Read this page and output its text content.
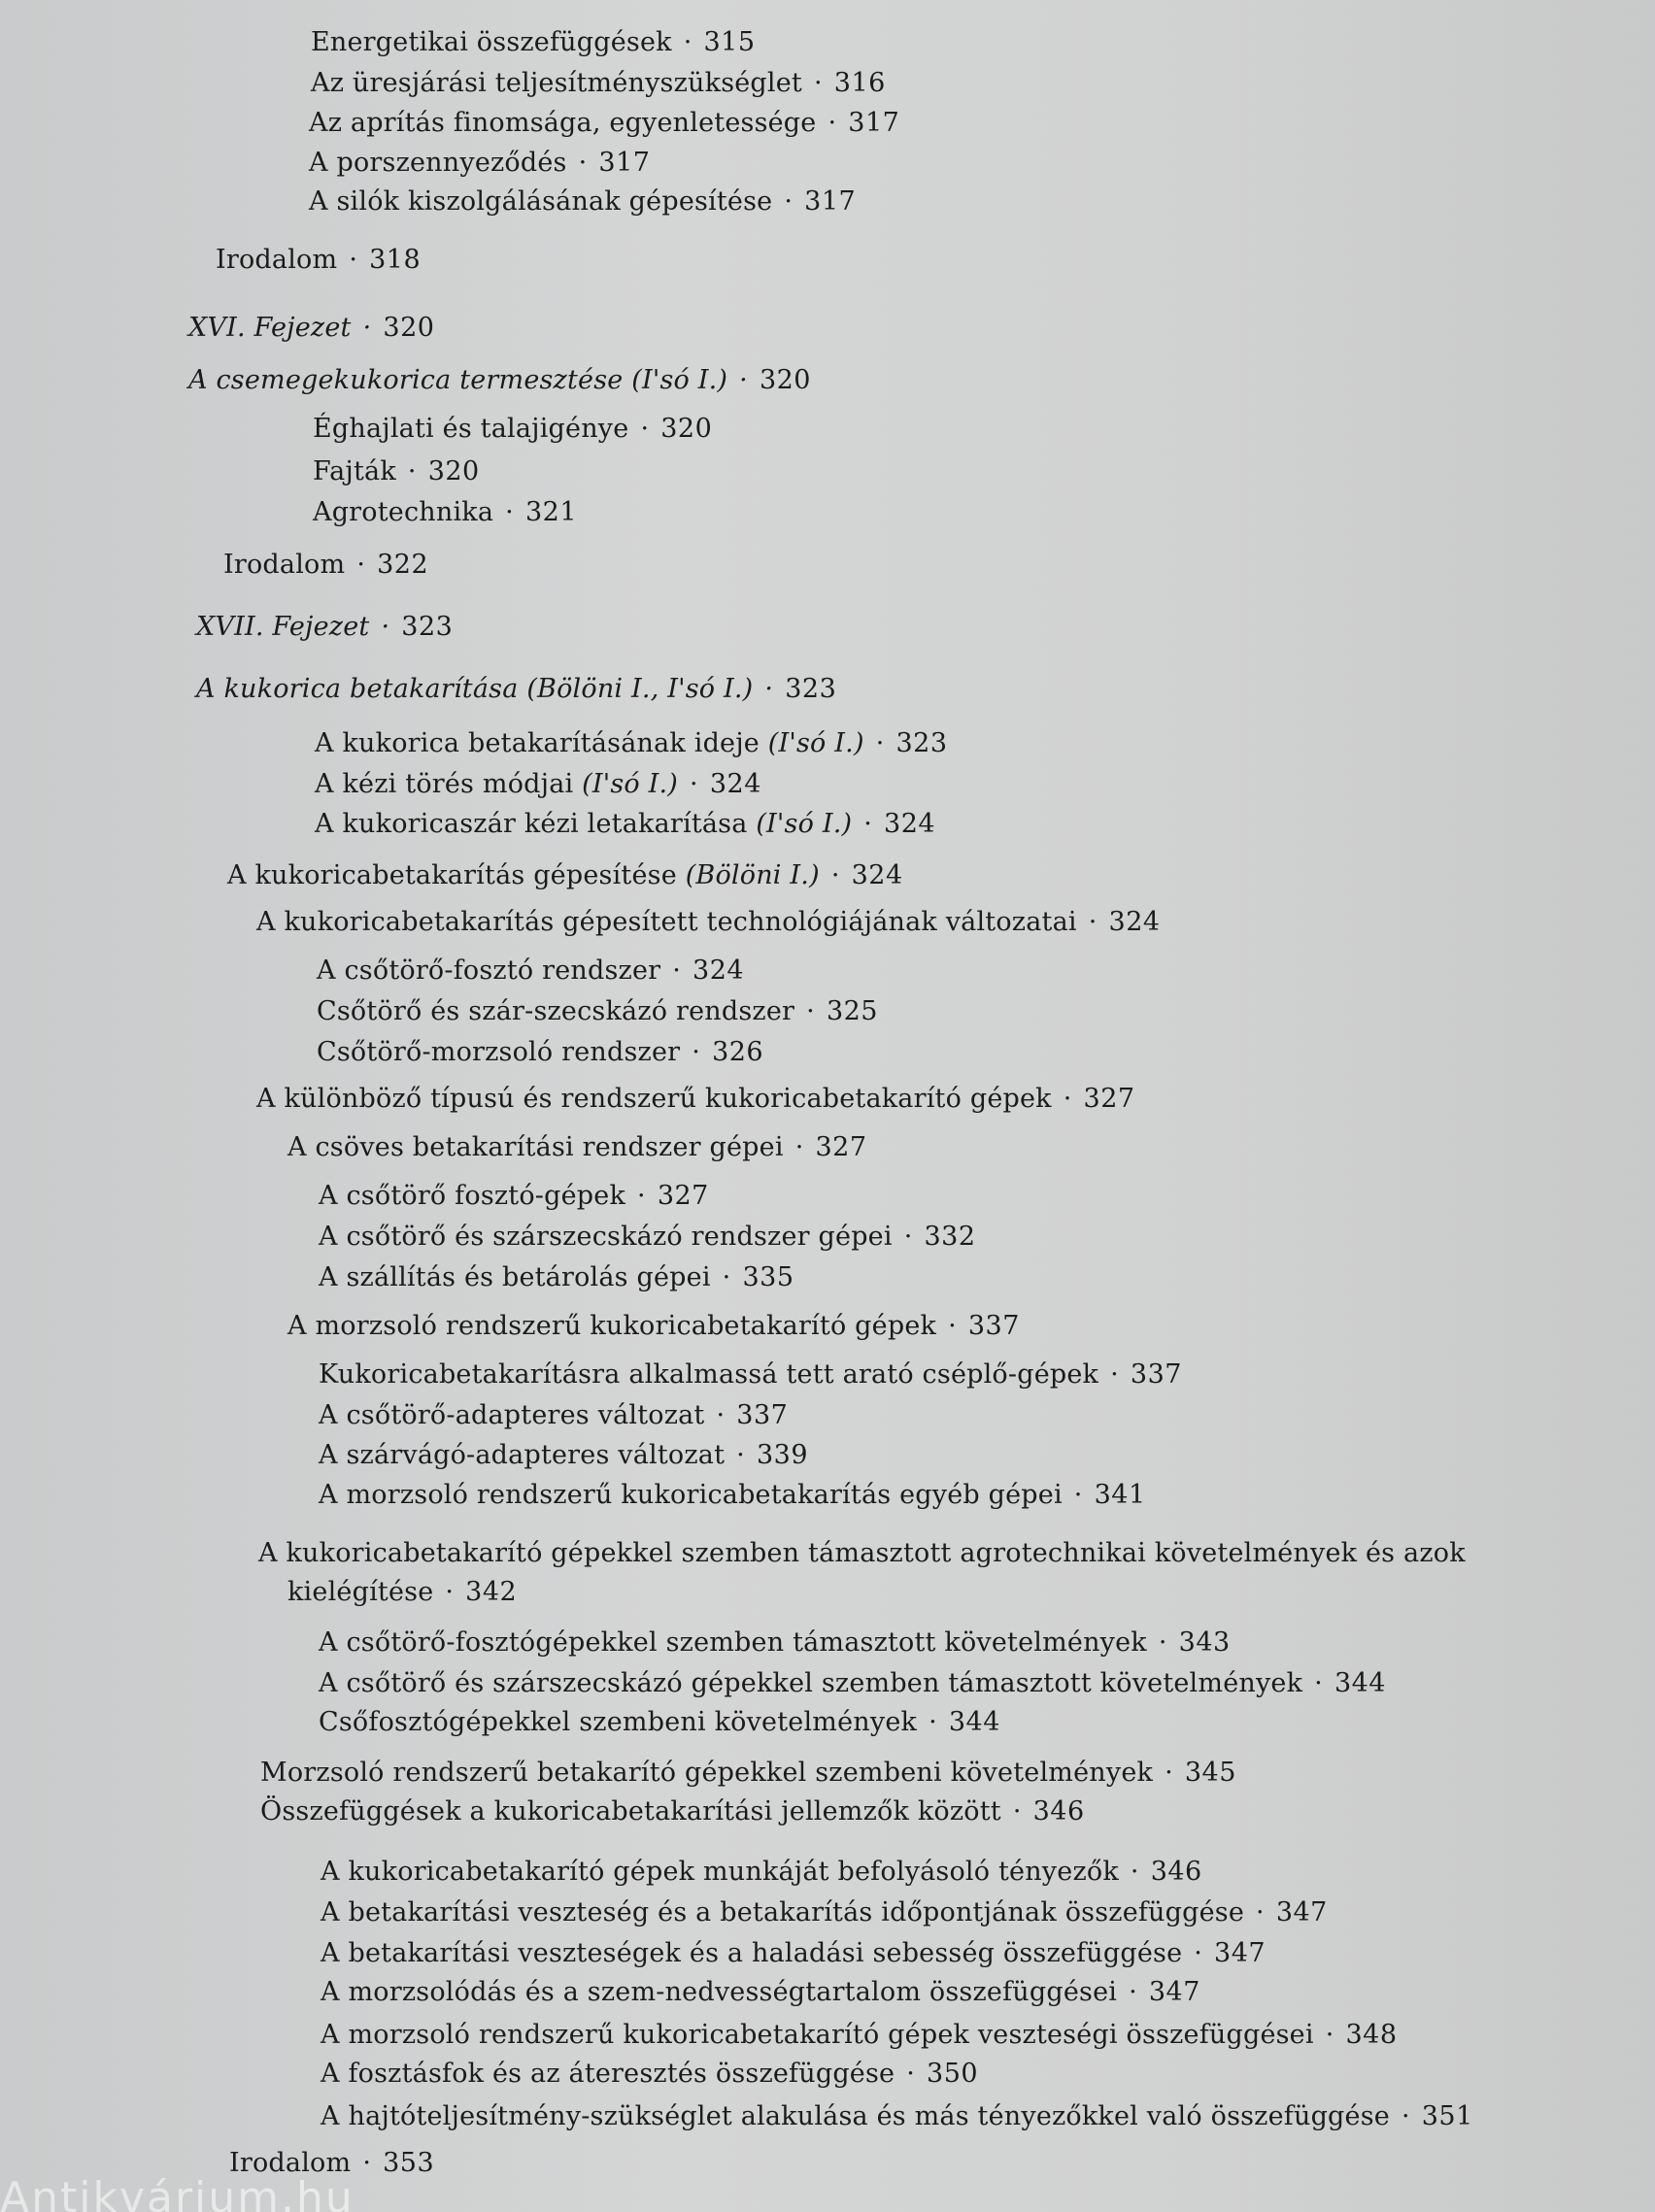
Energetikai összefüggések · 315
Az üresjárási teljesítményszükséglet · 316
Az aprítás finomsága, egyenletessége · 317
A porszennyeződés · 317
A silók kiszolgálásának gépesítése · 317
Irodalom · 318
XVI. Fejezet · 320
A csemegekukorica termesztése (I'só I.) · 320
Éghajlati és talajigénye · 320
Fajták · 320
Agrotechnika · 321
Irodalom · 322
XVII. Fejezet · 323
A kukorica betakarítása (Bölöni I., I'só I.) · 323
A kukorica betakarításának ideje (I'só I.) · 323
A kézi törés módjai (I'só I.) · 324
A kukoricaszár kézi letakarítása (I'só I.) · 324
A kukoricabetakarítás gépesítése (Bölöni I.) · 324
A kukoricabetakarítás gépesített technológiájának változatai · 324
A csőtörő-fosztó rendszer · 324
Csőtörő és szár-szecskázó rendszer · 325
Csőtörő-morzsoló rendszer · 326
A különböző típusú és rendszerű kukoricabetakarító gépek · 327
A csöves betakarítási rendszer gépei · 327
A csőtörő fosztó-gépek · 327
A csőtörő és szárszecskázó rendszer gépei · 332
A szállítás és betárolás gépei · 335
A morzsoló rendszerű kukoricabetakarító gépek · 337
Kukoricabetakarításra alkalmassá tett arató cséplő-gépek · 337
A csőtörő-adapteres változat · 337
A szárvágó-adapteres változat · 339
A morzsoló rendszerű kukoricabetakarítás egyéb gépei · 341
A kukoricabetakarító gépekkel szemben támasztott agrotechnikai követelmények és azok
kielégítése · 342
A csőtörő-fosztógépekkel szemben támasztott követelmények · 343
A csőtörő és szárszecskázó gépekkel szemben támasztott követelmények · 344
Csőfosztógépekkel szembeni követelmények · 344
Morzsoló rendszerű betakarító gépekkel szembeni követelmények · 345
Összefüggések a kukoricabetakarítási jellemzők között · 346
A kukoricabetakarító gépek munkáját befolyásoló tényezők · 346
A betakarítási veszteség és a betakarítás időpontjának összefüggése · 347
A betakarítási veszteségek és a haladási sebesség összefüggése · 347
A morzsolódás és a szem-nedvességtartalom összefüggései · 347
A morzsoló rendszerű kukoricabetakarító gépek veszteségi összefüggései · 348
A fosztásfok és az áteresztés összefüggése · 350
A hajtóteljesítmény-szükséglet alakulása és más tényezőkkel való összefüggése · 351
Irodalom · 353
Antikvárium.hu
